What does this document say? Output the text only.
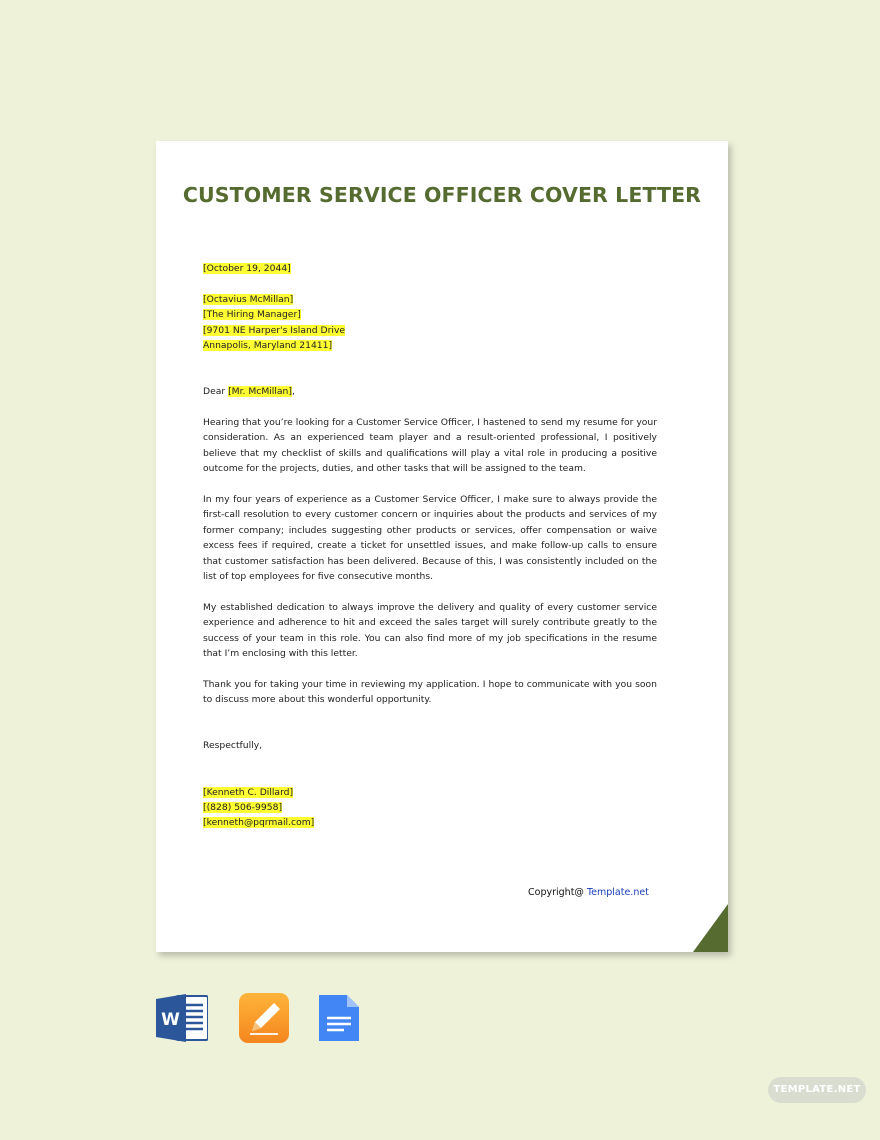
CUSTOMER SERVICE OFFICER COVER LETTER
[October 19, 2044]
[Octavius McMillan]
[The Hiring Manager]
[9701 NE Harper's Island Drive
Annapolis, Maryland 21411]
Dear [Mr. McMillan],

Hearing that you’re looking for a Customer Service Officer, I hastened to send my resume for your consideration. As an experienced team player and a result-oriented professional, I positively believe that my checklist of skills and qualifications will play a vital role in producing a positive outcome for the projects, duties, and other tasks that will be assigned to the team.

In my four years of experience as a Customer Service Officer, I make sure to always provide the first-call resolution to every customer concern or inquiries about the products and services of my former company; includes suggesting other products or services, offer compensation or waive excess fees if required, create a ticket for unsettled issues, and make follow-up calls to ensure that customer satisfaction has been delivered. Because of this, I was consistently included on the list of top employees for five consecutive months.

My established dedication to always improve the delivery and quality of every customer service experience and adherence to hit and exceed the sales target will surely contribute greatly to the success of your team in this role. You can also find more of my job specifications in the resume that I’m enclosing with this letter.

Thank you for taking your time in reviewing my application. I hope to communicate with you soon to discuss more about this wonderful opportunity.

Respectfully,
[Kenneth C. Dillard]
[(828) 506-9958]
[kenneth@pqrmail.com]
Copyright@ Template.net
W
TEMPLATE.NET
